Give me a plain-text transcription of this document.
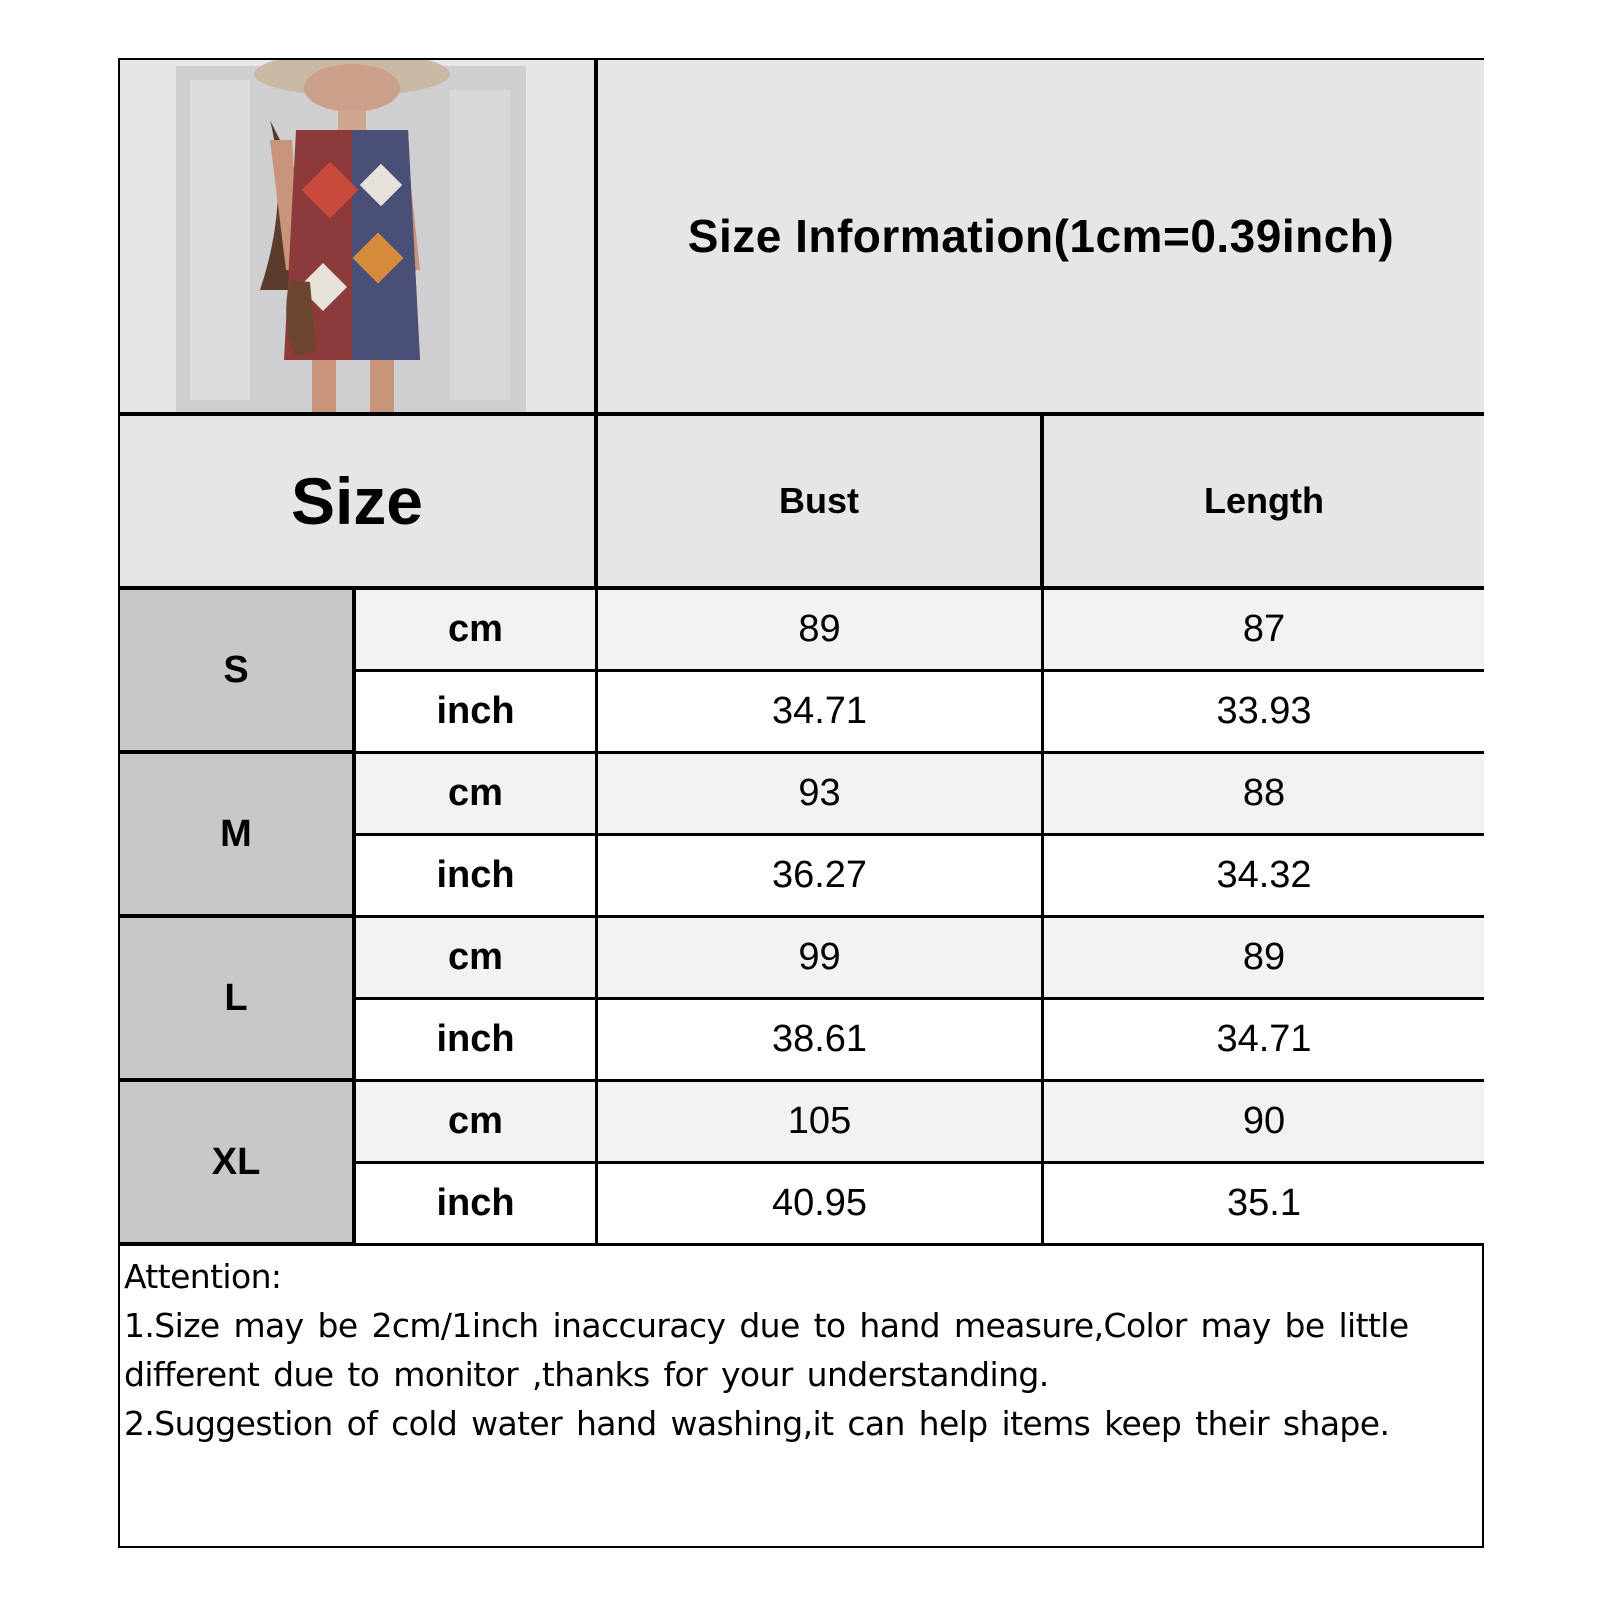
Size Information(1cm=0.39inch)
Size	Bust	Length
S
cm	89	87
inch	34.71	33.93
M
cm	93	88
inch	36.27	34.32
L
cm	99	89
inch	38.61	34.71
XL
cm	105	90
inch	40.95	35.1
Attention:
1.Size may be 2cm/1inch inaccuracy due to hand measure,Color may be little
different due to monitor ,thanks for your understanding.
2.Suggestion of cold water hand washing,it can help items keep their shape.
